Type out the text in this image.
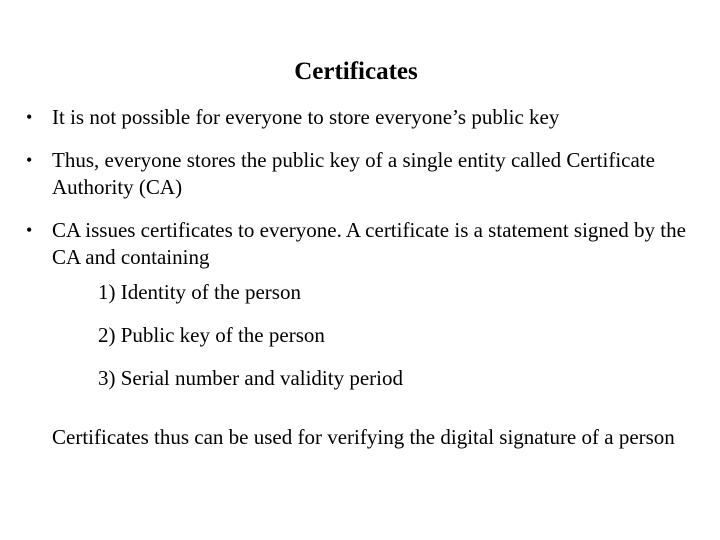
Certificates
• It is not possible for everyone to store everyone’s public key
• Thus, everyone stores the public key of a single entity called Certificate Authority (CA)
• CA issues certificates to everyone. A certificate is a statement signed by the CA and containing

1) Identity of the person

2) Public key of the person

3) Serial number and validity period

Certificates thus can be used for verifying the digital signature of a person
